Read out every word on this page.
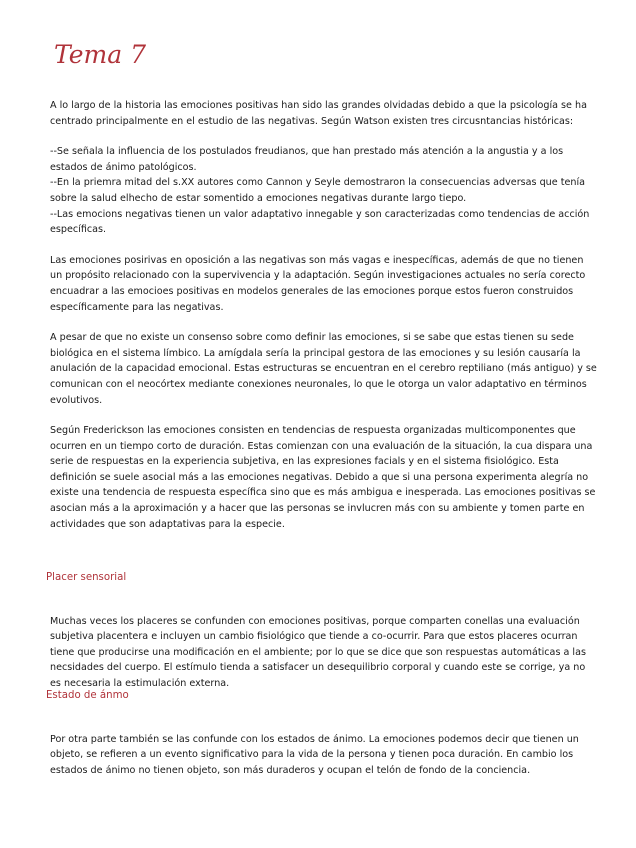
Tema 7

A lo largo de la historia las emociones positivas han sido las grandes olvidadas debido a que la psicología se ha centrado principalmente en el estudio de las negativas. Según Watson existen tres circusntancias históricas:

--Se señala la influencia de los postulados freudianos, que han prestado más atención a la angustia y a los estados de ánimo patológicos.

--En la priemra mitad del s.XX autores como Cannon y Seyle demostraron la consecuencias adversas que tenía sobre la salud elhecho de estar somentido a emociones negativas durante largo tiepo.

--Las emocions negativas tienen un valor adaptativo innegable y son caracterizadas como tendencias de acción específicas.

Las emociones posirivas en oposición a las negativas son más vagas e inespecíficas, además de que no tienen un propósito relacionado con la supervivencia y la adaptación. Según investigaciones actuales no sería corecto encuadrar a las emocioes positivas en modelos generales de las emociones porque estos fueron construidos específicamente para las negativas.

A pesar de que no existe un consenso sobre como definir las emociones, si se sabe que estas tienen su sede biológica en el sistema límbico. La amígdala sería la principal gestora de las emociones y su lesión causaría la anulación de la capacidad emocional. Estas estructuras se encuentran en el cerebro reptiliano (más antiguo) y se comunican con el neocórtex mediante conexiones neuronales, lo que le otorga un valor adaptativo en términos evolutivos.

Según Frederickson las emociones consisten en tendencias de respuesta organizadas multicomponentes que ocurren en un tiempo corto de duración. Estas comienzan con una evaluación de la situación, la cua dispara una serie de respuestas en la experiencia subjetiva, en las expresiones facials y en el sistema fisiológico. Esta definición se suele asocial más a las emociones negativas. Debido a que si una persona experimenta alegría no existe una tendencia de respuesta específica sino que es más ambigua e inesperada. Las emociones positivas se asocian más a la aproximación y a hacer que las personas se invlucren más con su ambiente y tomen parte en actividades que son adaptativas para la especie.

Placer sensorial

Muchas veces los placeres se confunden con emociones positivas, porque comparten conellas una evaluación subjetiva placentera e incluyen un cambio fisiológico que tiende a co-ocurrir. Para que estos placeres ocurran tiene que producirse una modificación en el ambiente; por lo que se dice que son respuestas automáticas a las necsidades del cuerpo. El estímulo tienda a satisfacer un desequilibrio corporal y cuando este se corrige, ya no es necesaria la estimulación externa.

Estado de ánmo

Por otra parte también se las confunde con los estados de ánimo. La emociones podemos decir que tienen un objeto, se refieren a un evento significativo para la vida de la persona y tienen poca duración. En cambio los estados de ánimo no tienen objeto, son más duraderos y ocupan el telón de fondo de la conciencia.
